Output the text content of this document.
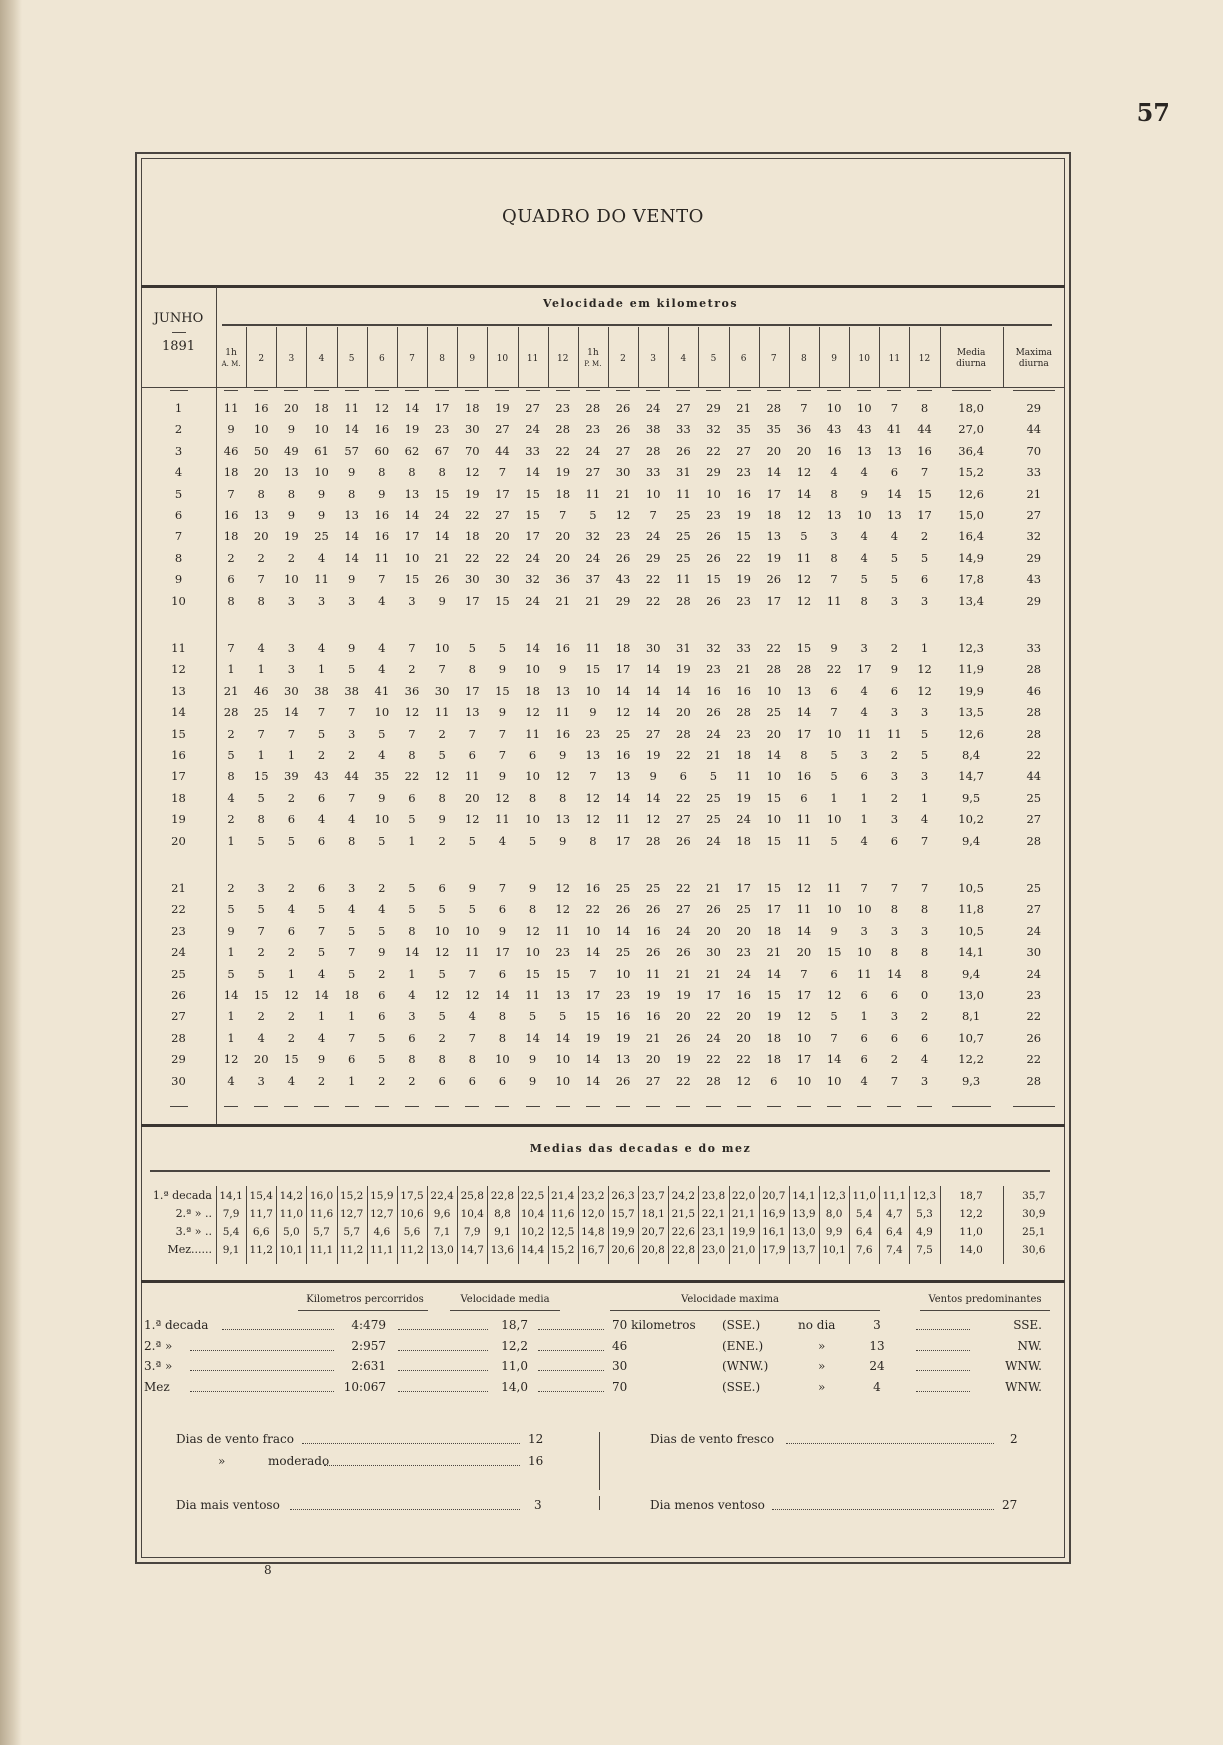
57
QUADRO DO VENTO
JUNHO
1891
Velocidade em kilometros
1h
A. M.	2	3	4	5	6	7	8	9	10	11	12
1h
P. M.	2	3	4	5	6	7	8	9	10	11	12
Media
diurna
Maxima
diurna
1	11	16	20	18	11	12	14	17	18	19	27	23	28	26	24	27	29	21	28	7	10	10	7	8	18,0	29
2	9	10	9	10	14	16	19	23	30	27	24	28	23	26	38	33	32	35	35	36	43	43	41	44	27,0	44
3	46	50	49	61	57	60	62	67	70	44	33	22	24	27	28	26	22	27	20	20	16	13	13	16	36,4	70
4	18	20	13	10	9	8	8	8	12	7	14	19	27	30	33	31	29	23	14	12	4	4	6	7	15,2	33
5	7	8	8	9	8	9	13	15	19	17	15	18	11	21	10	11	10	16	17	14	8	9	14	15	12,6	21
6	16	13	9	9	13	16	14	24	22	27	15	7	5	12	7	25	23	19	18	12	13	10	13	17	15,0	27
7	18	20	19	25	14	16	17	14	18	20	17	20	32	23	24	25	26	15	13	5	3	4	4	2	16,4	32
8	2	2	2	4	14	11	10	21	22	22	24	20	24	26	29	25	26	22	19	11	8	4	5	5	14,9	29
9	6	7	10	11	9	7	15	26	30	30	32	36	37	43	22	11	15	19	26	12	7	5	5	6	17,8	43
10	8	8	3	3	3	4	3	9	17	15	24	21	21	29	22	28	26	23	17	12	11	8	3	3	13,4	29
11	7	4	3	4	9	4	7	10	5	5	14	16	11	18	30	31	32	33	22	15	9	3	2	1	12,3	33
12	1	1	3	1	5	4	2	7	8	9	10	9	15	17	14	19	23	21	28	28	22	17	9	12	11,9	28
13	21	46	30	38	38	41	36	30	17	15	18	13	10	14	14	14	16	16	10	13	6	4	6	12	19,9	46
14	28	25	14	7	7	10	12	11	13	9	12	11	9	12	14	20	26	28	25	14	7	4	3	3	13,5	28
15	2	7	7	5	3	5	7	2	7	7	11	16	23	25	27	28	24	23	20	17	10	11	11	5	12,6	28
16	5	1	1	2	2	4	8	5	6	7	6	9	13	16	19	22	21	18	14	8	5	3	2	5	8,4	22
17	8	15	39	43	44	35	22	12	11	9	10	12	7	13	9	6	5	11	10	16	5	6	3	3	14,7	44
18	4	5	2	6	7	9	6	8	20	12	8	8	12	14	14	22	25	19	15	6	1	1	2	1	9,5	25
19	2	8	6	4	4	10	5	9	12	11	10	13	12	11	12	27	25	24	10	11	10	1	3	4	10,2	27
20	1	5	5	6	8	5	1	2	5	4	5	9	8	17	28	26	24	18	15	11	5	4	6	7	9,4	28
21	2	3	2	6	3	2	5	6	9	7	9	12	16	25	25	22	21	17	15	12	11	7	7	7	10,5	25
22	5	5	4	5	4	4	5	5	5	6	8	12	22	26	26	27	26	25	17	11	10	10	8	8	11,8	27
23	9	7	6	7	5	5	8	10	10	9	12	11	10	14	16	24	20	20	18	14	9	3	3	3	10,5	24
24	1	2	2	5	7	9	14	12	11	17	10	23	14	25	26	26	30	23	21	20	15	10	8	8	14,1	30
25	5	5	1	4	5	2	1	5	7	6	15	15	7	10	11	21	21	24	14	7	6	11	14	8	9,4	24
26	14	15	12	14	18	6	4	12	12	14	11	13	17	23	19	19	17	16	15	17	12	6	6	0	13,0	23
27	1	2	2	1	1	6	3	5	4	8	5	5	15	16	16	20	22	20	19	12	5	1	3	2	8,1	22
28	1	4	2	4	7	5	6	2	7	8	14	14	19	19	21	26	24	20	18	10	7	6	6	6	10,7	26
29	12	20	15	9	6	5	8	8	8	10	9	10	14	13	20	19	22	22	18	17	14	6	2	4	12,2	22
30	4	3	4	2	1	2	2	6	6	6	9	10	14	26	27	22	28	12	6	10	10	4	7	3	9,3	28
1.ª decada 14,1 15,4 14,2 16,0 15,2 15,9 17,5 22,4 25,8 22,8 22,5 21,4 23,2 26,3 23,7 24,2 23,8 22,0 20,7 14,1 12,3 11,0 11,1 12,3	18,7	35,7
2.ª » ..	7,9 11,7 11,0 11,6 12,7 12,7 10,6 9,6 10,4 8,8 10,4 11,6 12,0 15,7 18,1 21,5 22,1 21,1 16,9 13,9 8,0	5,4	4,7	5,3	12,2	30,9
3.ª » ..	5,4	6,6	5,0	5,7	5,7	4,6	5,6	7,1	7,9	9,1 10,2 12,5 14,8 19,9 20,7 22,6 23,1 19,9 16,1 13,0 9,9	6,4	6,4	4,9	11,0	25,1
Mez......	9,1 11,2 10,1 11,1 11,2 11,1 11,2 13,0 14,7 13,6 14,4 15,2 16,7 20,6 20,8 22,8 23,0 21,0 17,9 13,7 10,1 7,6	7,4	7,5	14,0	30,6
Medias das decadas e do mez
Kilometros percorridos	Velocidade media	Velocidade maxima	Ventos predominantes
1.ª decada	4:479	18,7	70 kilometros (SSE.)	no dia	3	SSE.
2.ª »	2:957	12,2	46	(ENE.)	»	13	NW.
3.ª »	2:631	11,0	30	(WNW.)	»	24	WNW.
Mez	10:067	14,0	70	(SSE.)	»	4	WNW.
Dias de vento fraco	12
»	moderado	16
Dias de vento fresco	2
Dia mais ventoso	3	Dia menos ventoso	27
8
